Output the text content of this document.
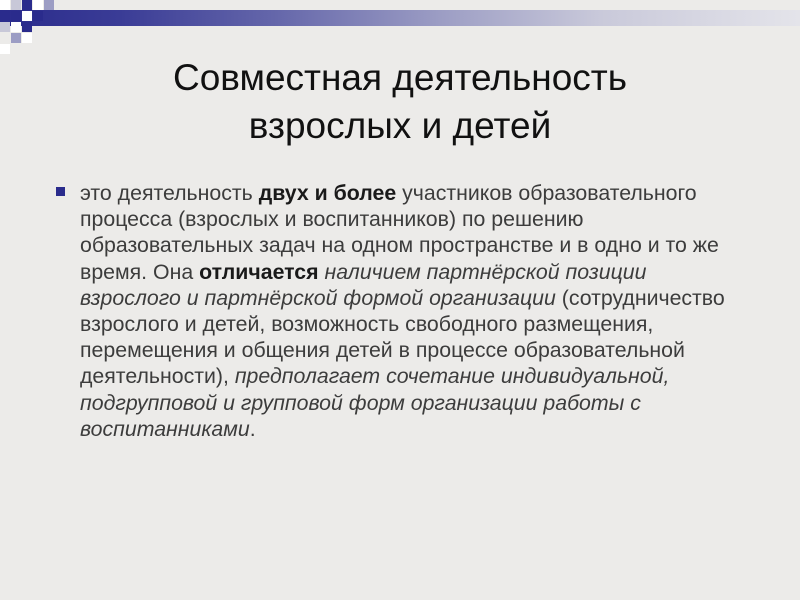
Совместная деятельность
взрослых и детей

это деятельность двух и более участников образовательного процесса (взрослых и воспитанников) по решению образовательных задач на одном пространстве и в одно и то же время. Она отличается наличием партнёрской позиции взрослого и партнёрской формой организации (сотрудничество взрослого и детей, возможность свободного размещения, перемещения и общения детей в процессе образовательной деятельности), предполагает сочетание индивидуальной, подгрупповой и групповой форм организации работы с воспитанниками.
